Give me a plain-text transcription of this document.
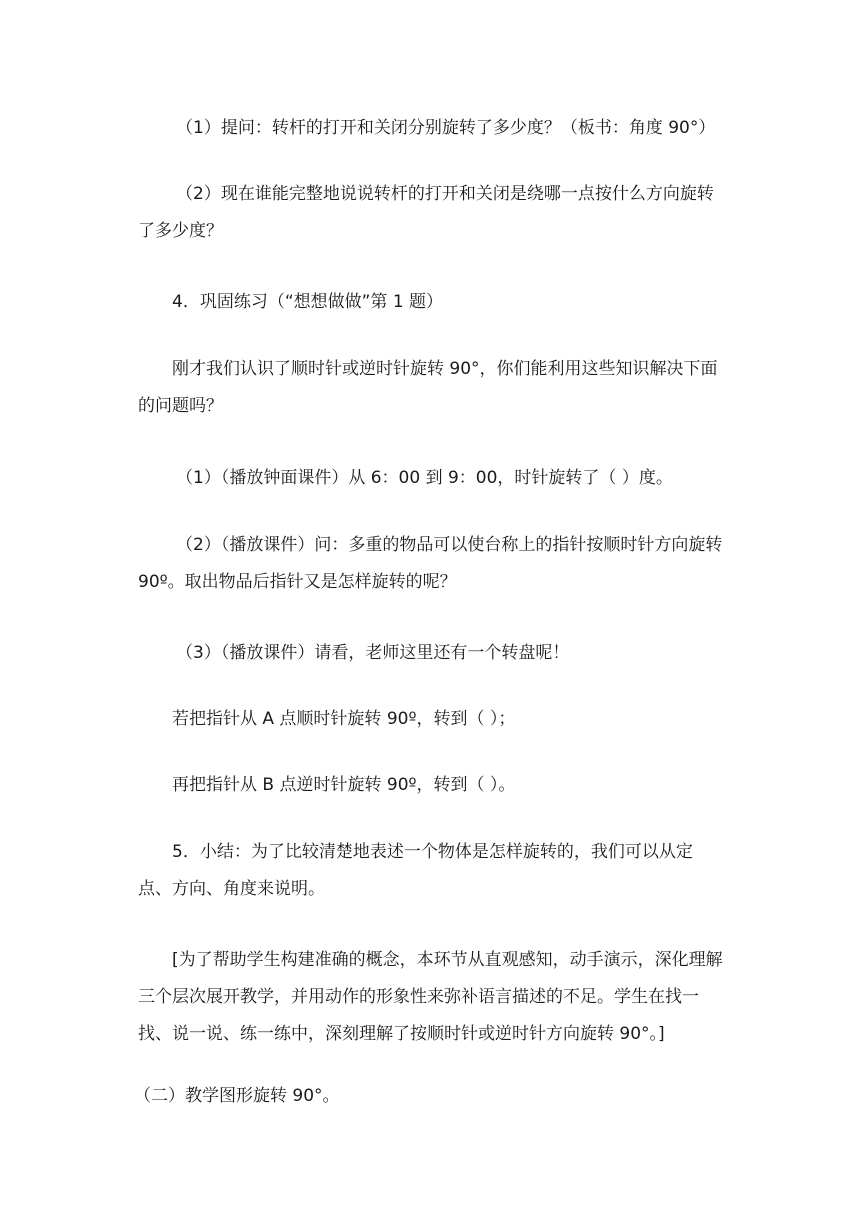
（1）提问：转杆的打开和关闭分别旋转了多少度？（板书：角度 90°）

（2）现在谁能完整地说说转杆的打开和关闭是绕哪一点按什么方向旋转了多少度？

4．巩固练习（“想想做做”第 1 题）

刚才我们认识了顺时针或逆时针旋转 90°，你们能利用这些知识解决下面的问题吗？

（1）（播放钟面课件）从 6：00 到 9：00，时针旋转了（ ）度。

（2）（播放课件）问：多重的物品可以使台称上的指针按顺时针方向旋转 90º。取出物品后指针又是怎样旋转的呢？

（3）（播放课件）请看，老师这里还有一个转盘呢！

若把指针从 A 点顺时针旋转 90º，转到（ ）；

再把指针从 B 点逆时针旋转 90º，转到（ ）。

5．小结：为了比较清楚地表述一个物体是怎样旋转的，我们可以从定点、方向、角度来说明。

[为了帮助学生构建准确的概念，本环节从直观感知，动手演示，深化理解三个层次展开教学，并用动作的形象性来弥补语言描述的不足。学生在找一找、说一说、练一练中，深刻理解了按顺时针或逆时针方向旋转 90°。]

（二）教学图形旋转 90°。
